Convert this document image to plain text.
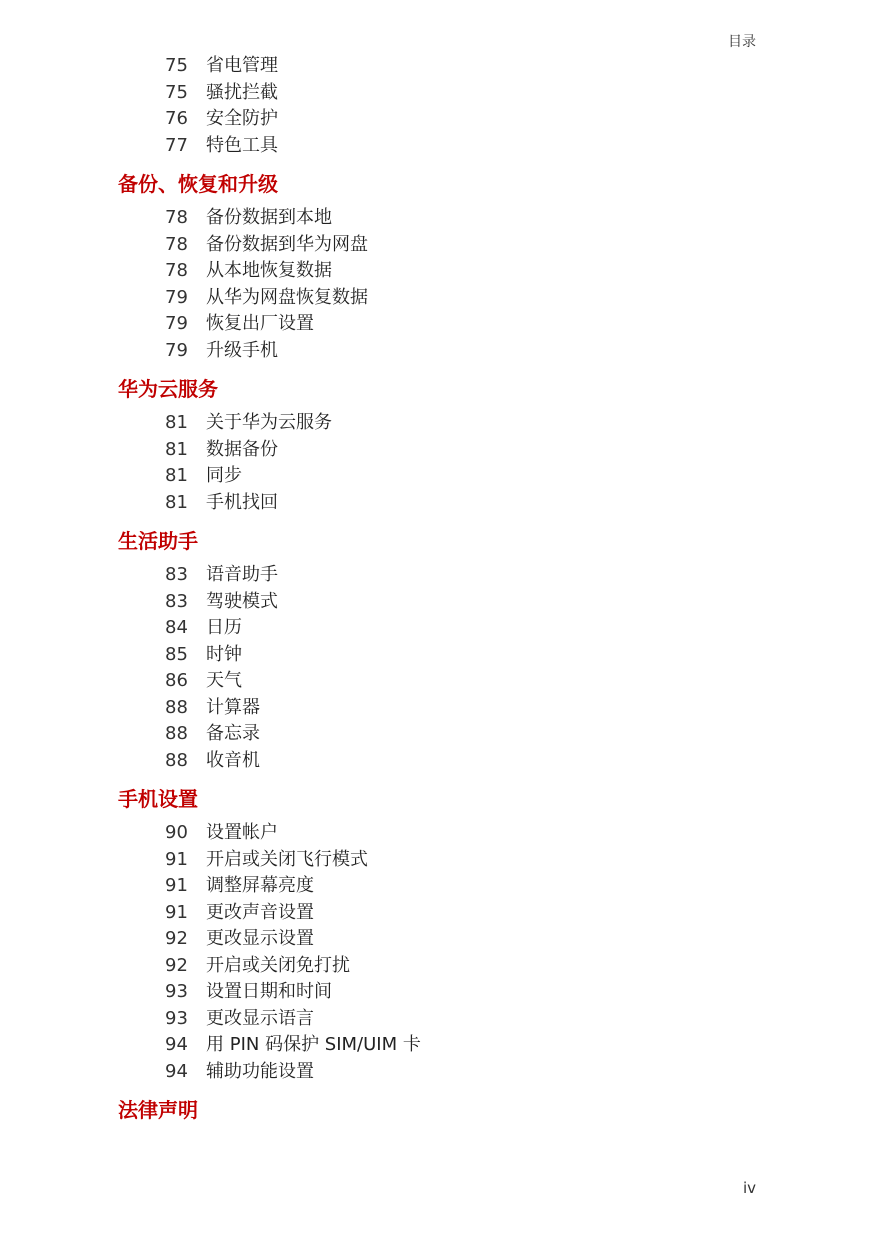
目录
75 省电管理
75 骚扰拦截
76 安全防护
77 特色工具
备份、恢复和升级
78 备份数据到本地
78 备份数据到华为网盘
78 从本地恢复数据
79 从华为网盘恢复数据
79 恢复出厂设置
79 升级手机
华为云服务
81 关于华为云服务
81 数据备份
81 同步
81 手机找回
生活助手
83 语音助手
83 驾驶模式
84 日历
85 时钟
86 天气
88 计算器
88 备忘录
88 收音机
手机设置
90 设置帐户
91 开启或关闭飞行模式
91 调整屏幕亮度
91 更改声音设置
92 更改显示设置
92 开启或关闭免打扰
93 设置日期和时间
93 更改显示语言
94 用 PIN 码保护 SIM/UIM 卡
94 辅助功能设置
法律声明
iv
